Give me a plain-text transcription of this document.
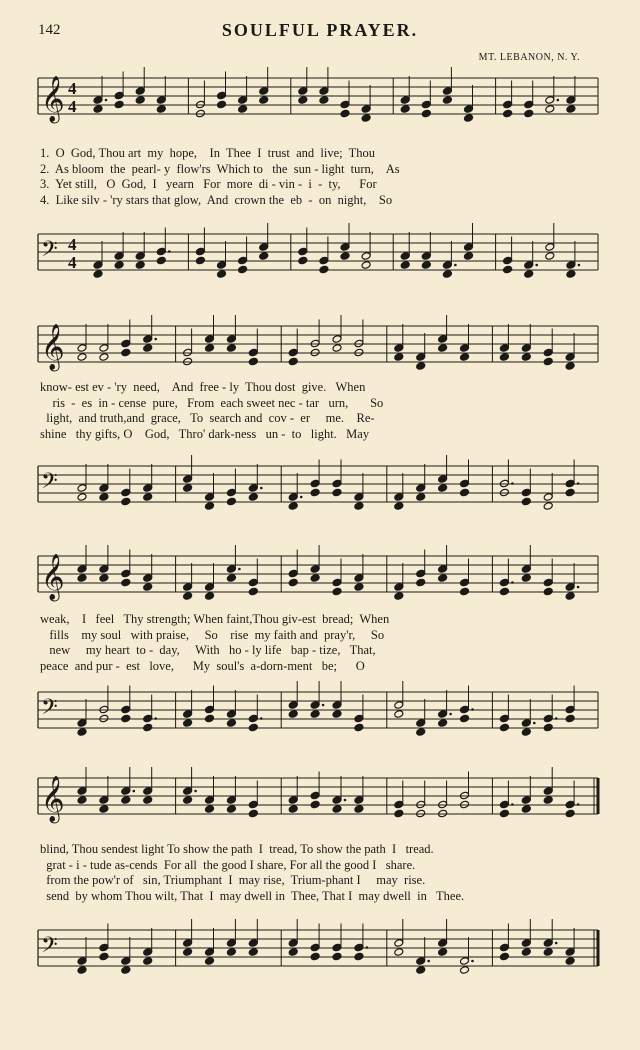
142	SOULFUL PRAYER.
MT. LEBANON, N. Y.
𝄞 4
4
1.  O  God, Thou art  my  hope,    In  Thee  I  trust  and  live;  Thou
2.  As bloom  the  pearl- y  flow'rs  Which to   the  sun - light  turn,    As
3.  Yet still,   O  God,  I   yearn   For  more  di - vin -  i  -  ty,      For
4.  Like silv - 'ry stars that glow,  And  crown the  eb  -  on  night,    So
𝄢 4
4
𝄞
know- est ev - 'ry  need,    And  free - ly  Thou dost  give.   When
ris  -  es  in - cense  pure,   From  each sweet nec - tar   urn,       So
light,  and truth,and  grace,   To  search and  cov -  er     me.    Re-
shine   thy gifts, O    God,   Thro' dark-ness   un -  to   light.   May
𝄢
𝄞
weak,    I   feel   Thy strength; When faint,Thou giv-est  bread;  When
fills    my soul   with praise,     So    rise  my faith and  pray'r,     So
new     my heart  to -  day,     With   ho - ly life   bap - tize,   That,
peace  and pur -  est   love,      My  soul's  a-dorn-ment   be;      O
𝄢
𝄞
blind, Thou sendest light To show the path  I  tread, To show the path  I   tread.
grat - i - tude as-cends  For all  the good I share, For all the good I   share.
from the pow'r of   sin, Triumphant  I  may rise,  Trium-phant I     may  rise.
send  by whom Thou wilt, That  I  may dwell in  Thee, That I  may dwell  in   Thee.
𝄢
